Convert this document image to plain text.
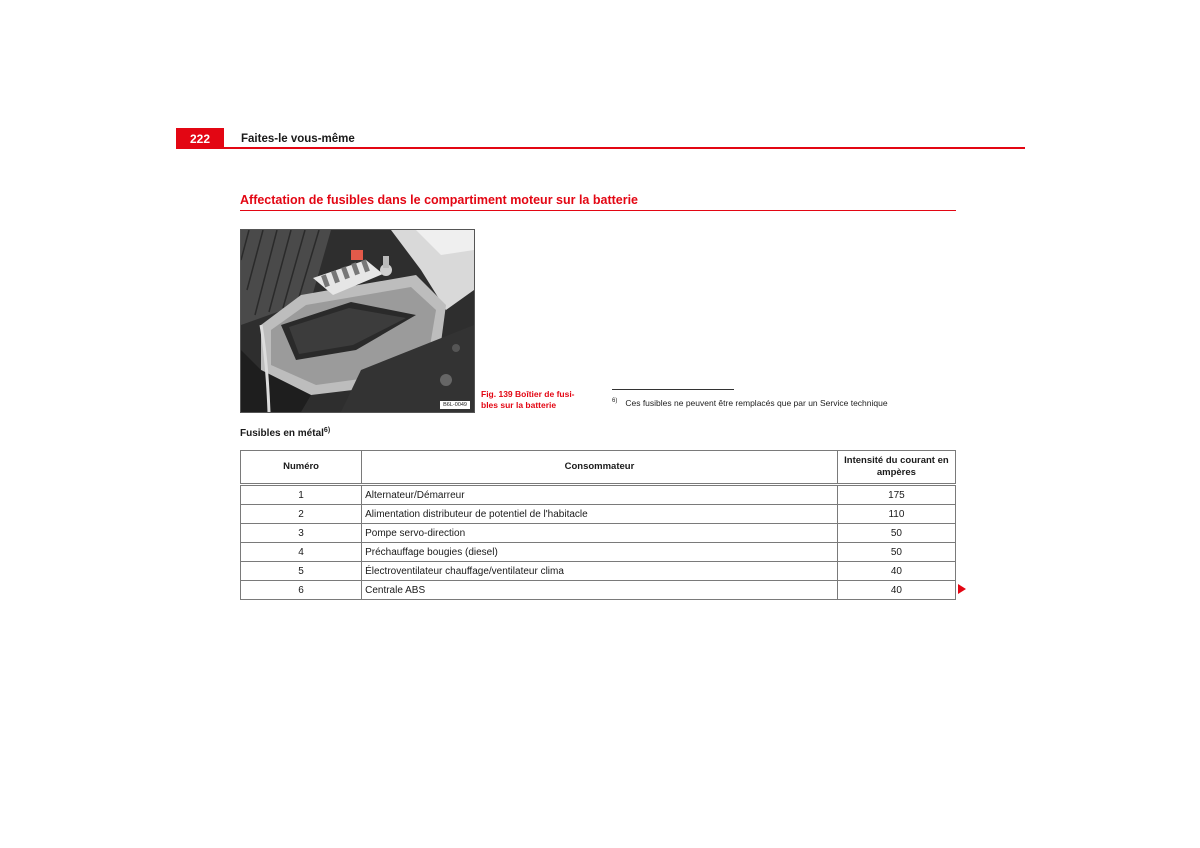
222	Faites-le vous-même
Affectation de fusibles dans le compartiment moteur sur la batterie
B6L-0049
Fig. 139 Boîtier de fusi-
bles sur la batterie	$^{6)}$ Ces fusibles ne peuvent être remplacés que par un Service technique
Fusibles en métal$^{6)}$
Numéro	Consommateur	Intensité du courant en
ampères
1	Alternateur/Démarreur	175
2	Alimentation distributeur de potentiel de l'habitacle	110
3	Pompe servo-direction	50
4	Préchauffage bougies (diesel)	50
5	Électroventilateur chauffage/ventilateur clima	40
6	Centrale ABS	40
